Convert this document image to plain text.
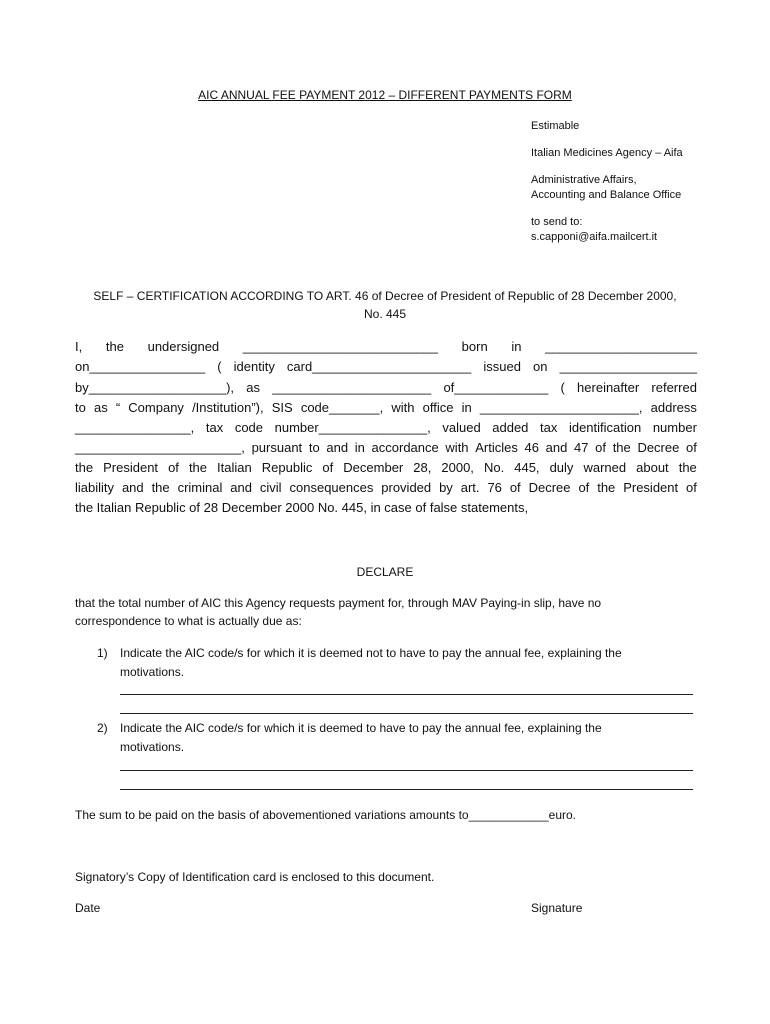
AIC ANNUAL FEE PAYMENT 2012 – DIFFERENT PAYMENTS FORM
Estimable
Italian Medicines Agency – Aifa
Administrative Affairs,
Accounting and Balance Office
to send to:
s.capponi@aifa.mailcert.it
SELF – CERTIFICATION ACCORDING TO ART. 46 of Decree of President of Republic of 28 December 2000,
No. 445
I, the undersigned ___________________________ born in _____________________
on________________ ( identity card______________________ issued on ___________________
by___________________), as ______________________ of_____________ ( hereinafter referred
to as “ Company /Institution”), SIS code_______, with office in ______________________, address
________________, tax code number_______________, valued added tax identification number
_______________________, pursuant to and in accordance with Articles 46 and 47 of the Decree of
the President of the Italian Republic of December 28, 2000, No. 445, duly warned about the
liability and the criminal and civil consequences provided by art. 76 of Decree of the President of
the Italian Republic of 28 December 2000 No. 445, in case of false statements,
DECLARE
that the total number of AIC this Agency requests payment for, through MAV Paying-in slip, have no
correspondence to what is actually due as:
1) Indicate the AIC code/s for which it is deemed not to have to pay the annual fee, explaining the
motivations.
2) Indicate the AIC code/s for which it is deemed to have to pay the annual fee, explaining the
motivations.
The sum to be paid on the basis of abovementioned variations amounts to____________euro.
Signatory’s Copy of Identification card is enclosed to this document.
Date	Signature
